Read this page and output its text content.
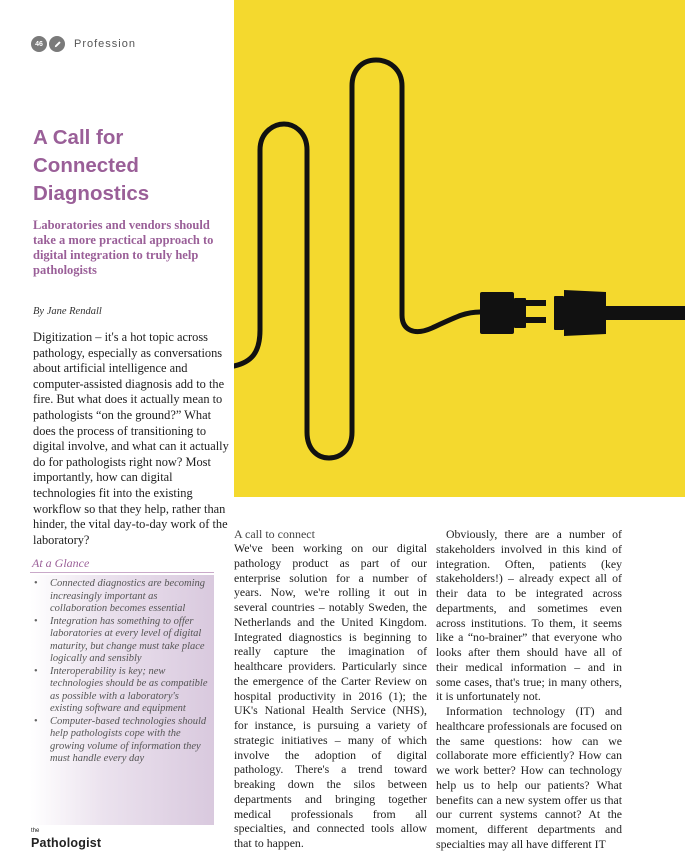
46	Profession
A Call for Connected Diagnostics
Laboratories and vendors should take a more practical approach to digital integration to truly help pathologists
By Jane Rendall

Digitization – it's a hot topic across pathology, especially as conversations about artificial intelligence and computer-assisted diagnosis add to the fire. But what does it actually mean to pathologists “on the ground?” What does the process of transitioning to digital involve, and what can it actually do for pathologists right now? Most importantly, how can digital technologies fit into the existing workflow so that they help, rather than hinder, the vital day-to-day work of the laboratory?

At a Glance
• Connected diagnostics are becoming increasingly important as collaboration becomes essential
• Integration has something to offer laboratories at every level of digital maturity, but change must take place logically and sensibly
• Interoperability is key; new technologies should be as compatible as possible with a laboratory's existing software and equipment
• Computer-based technologies should help pathologists cope with the growing volume of information they must handle every day

A call to connect

We've been working on our digital pathology product as part of our enterprise solution for a number of years. Now, we're rolling it out in several countries – notably Sweden, the Netherlands and the United Kingdom. Integrated diagnostics is beginning to really capture the imagination of healthcare providers. Particularly since the emergence of the Carter Review on hospital productivity in 2016 (1); the UK's National Health Service (NHS), for instance, is pursuing a variety of strategic initiatives – many of which involve the adoption of digital pathology. There's a trend toward breaking down the silos between departments and bringing together medical professionals from all specialties, and connected tools allow that to happen.

Obviously, there are a number of stakeholders involved in this kind of integration. Often, patients (key stakeholders!) – already expect all of their data to be integrated across departments, and sometimes even across institutions. To them, it seems like a “no-brainer” that everyone who looks after them should have all of their medical information – and in some cases, that's true; in many others, it is unfortunately not.

Information technology (IT) and healthcare professionals are focused on the same questions: how can we collaborate more efficiently? How can we work better? How can technology help us to help our patients? What benefits can a new system offer us that our current systems cannot? At the moment, different departments and specialties may all have different IT

the
Pathologist
